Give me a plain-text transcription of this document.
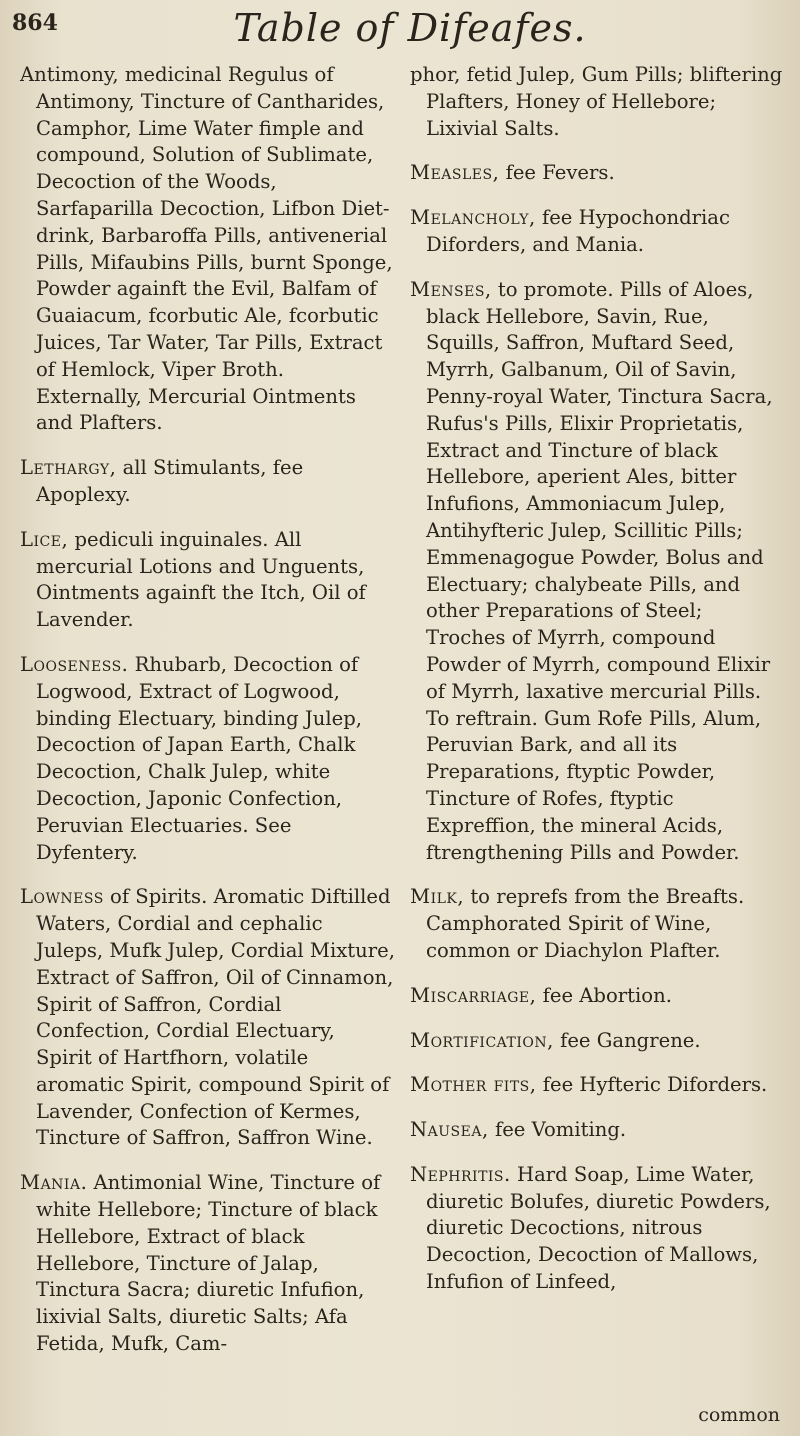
864	Table of Difeafes.

Antimony, medicinal Regulus of Antimony, Tincture of Cantharides, Camphor, Lime Water fimple and compound, Solution of Sublimate, Decoction of the Woods, Sarfaparilla Decoction, Lifbon Diet-drink, Barbaroffa Pills, antivenerial Pills, Mifaubins Pills, burnt Sponge, Powder againft the Evil, Balfam of Guaiacum, fcorbutic Ale, fcorbutic Juices, Tar Water, Tar Pills, Extract of Hemlock, Viper Broth. Externally, Mercurial Ointments and Plafters.

Lethargy, all Stimulants, fee Apoplexy.

Lice, pediculi inguinales. All mercurial Lotions and Unguents, Ointments againft the Itch, Oil of Lavender.

Looseness. Rhubarb, Decoction of Logwood, Extract of Logwood, binding Electuary, binding Julep, Decoction of Japan Earth, Chalk Decoction, Chalk Julep, white Decoction, Japonic Confection, Peruvian Electuaries. See Dyfentery.

Lowness of Spirits. Aromatic Diftilled Waters, Cordial and cephalic Juleps, Mufk Julep, Cordial Mixture, Extract of Saffron, Oil of Cinnamon, Spirit of Saffron, Cordial Confection, Cordial Electuary, Spirit of Hartfhorn, volatile aromatic Spirit, compound Spirit of Lavender, Confection of Kermes, Tincture of Saffron, Saffron Wine.

Mania. Antimonial Wine, Tincture of white Hellebore; Tincture of black Hellebore, Extract of black Hellebore, Tincture of Jalap, Tinctura Sacra; diuretic Infufion, lixivial Salts, diuretic Salts; Afa Fetida, Mufk, Cam-

phor, fetid Julep, Gum Pills; bliftering Plafters, Honey of Hellebore; Lixivial Salts.

Measles, fee Fevers.

Melancholy, fee Hypochondriac Diforders, and Mania.

Menses, to promote. Pills of Aloes, black Hellebore, Savin, Rue, Squills, Saffron, Muftard Seed, Myrrh, Galbanum, Oil of Savin, Penny-royal Water, Tinctura Sacra, Rufus's Pills, Elixir Proprietatis, Extract and Tincture of black Hellebore, aperient Ales, bitter Infufions, Ammoniacum Julep, Antihyfteric Julep, Scillitic Pills; Emmenagogue Powder, Bolus and Electuary; chalybeate Pills, and other Preparations of Steel; Troches of Myrrh, compound Powder of Myrrh, compound Elixir of Myrrh, laxative mercurial Pills. To reftrain. Gum Rofe Pills, Alum, Peruvian Bark, and all its Preparations, ftyptic Powder, Tincture of Rofes, ftyptic Expreffion, the mineral Acids, ftrengthening Pills and Powder.

Milk, to reprefs from the Breafts. Camphorated Spirit of Wine, common or Diachylon Plafter.

Miscarriage, fee Abortion.

Mortification, fee Gangrene.

Mother fits, fee Hyfteric Diforders.

Nausea, fee Vomiting.

Nephritis. Hard Soap, Lime Water, diuretic Bolufes, diuretic Powders, diuretic Decoctions, nitrous Decoction, Decoction of Mallows, Infufion of Linfeed,

common
